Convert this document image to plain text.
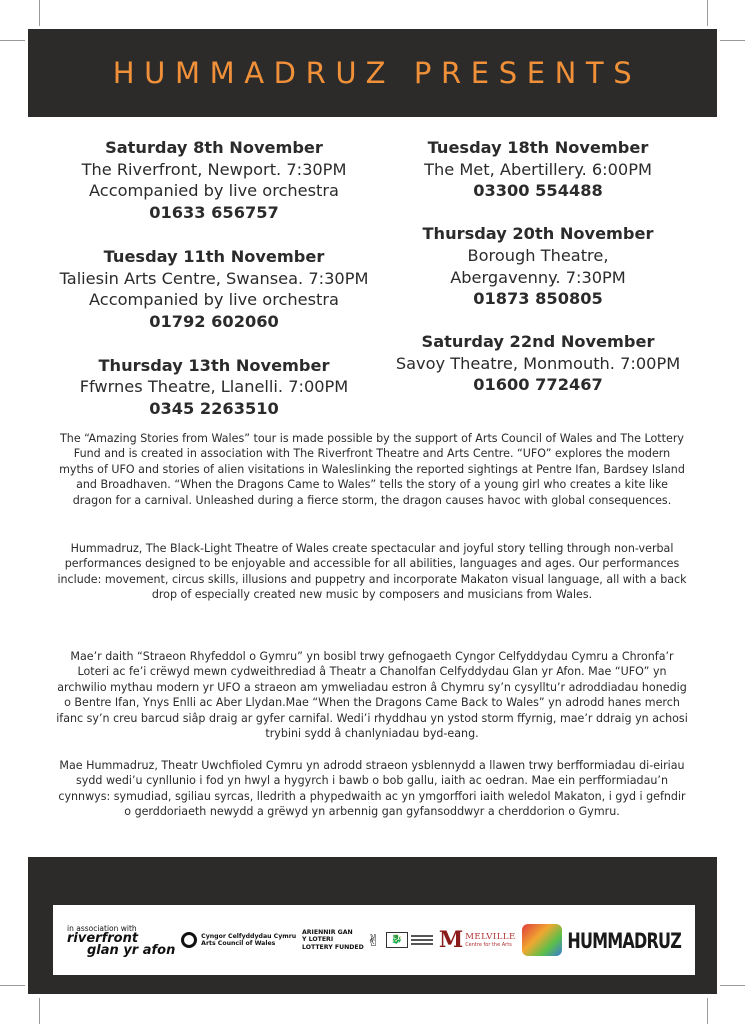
HUMMADRUZ PRESENTS
Saturday 8th November
The Riverfront, Newport. 7:30PM
Accompanied by live orchestra
01633 656757
Tuesday 11th November
Taliesin Arts Centre, Swansea. 7:30PM
Accompanied by live orchestra
01792 602060
Thursday 13th November
Ffwrnes Theatre, Llanelli. 7:00PM
0345 2263510
Tuesday 18th November
The Met, Abertillery. 6:00PM
03300 554488
Thursday 20th November
Borough Theatre,
Abergavenny. 7:30PM
01873 850805
Saturday 22nd November
Savoy Theatre, Monmouth. 7:00PM
01600 772467

The “Amazing Stories from Wales” tour is made possible by the support of Arts Council of Wales and The Lottery Fund and is created in association with The Riverfront Theatre and Arts Centre. “UFO” explores the modern myths of UFO and stories of alien visitations in Waleslinking the reported sightings at Pentre Ifan, Bardsey Island and Broadhaven. “When the Dragons Came to Wales” tells the story of a young girl who creates a kite like dragon for a carnival. Unleashed during a fierce storm, the dragon causes havoc with global consequences.

Hummadruz, The Black-Light Theatre of Wales create spectacular and joyful story telling through non-verbal performances designed to be enjoyable and accessible for all abilities, languages and ages. Our performances include: movement, circus skills, illusions and puppetry and incorporate Makaton visual language, all with a back drop of especially created new music by composers and musicians from Wales.

Mae’r daith “Straeon Rhyfeddol o Gymru” yn bosibl trwy gefnogaeth Cyngor Celfyddydau Cymru a Chronfa’r Loteri ac fe’i crëwyd mewn cydweithrediad â Theatr a Chanolfan Celfyddydau Glan yr Afon. Mae “UFO” yn archwilio mythau modern yr UFO a straeon am ymweliadau estron â Chymru sy’n cysylltu’r adroddiadau honedig o Bentre Ifan, Ynys Enlli ac Aber Llydan.Mae “When the Dragons Came Back to Wales” yn adrodd hanes merch ifanc sy’n creu barcud siâp draig ar gyfer carnifal. Wedi’i rhyddhau yn ystod storm ffyrnig, mae’r ddraig yn achosi trybini sydd â chanlyniadau byd-eang.

Mae Hummadruz, Theatr Uwchfioled Cymru yn adrodd straeon ysblennydd a llawen trwy berfformiadau di-eiriau sydd wedi’u cynllunio i fod yn hwyl a hygyrch i bawb o bob gallu, iaith ac oedran. Mae ein perfformiadau’n cynnwys: symudiad, sgiliau syrcas, lledrith a phypedwaith ac yn ymgorffori iaith weledol Makaton, i gyd i gefndir o gerddoriaeth newydd a grëwyd yn arbennig gan gyfansoddwyr a cherddorion o Gymru.

in association with
riverfront
glan yr afon
Cyngor Celfyddydau Cymru
Arts Council of Wales
ARIENNIR GAN
Y LOTERI
LOTTERY FUNDED ✌	🐉 M MELVILLE
Centre for the Arts	HUMMADRUZ
